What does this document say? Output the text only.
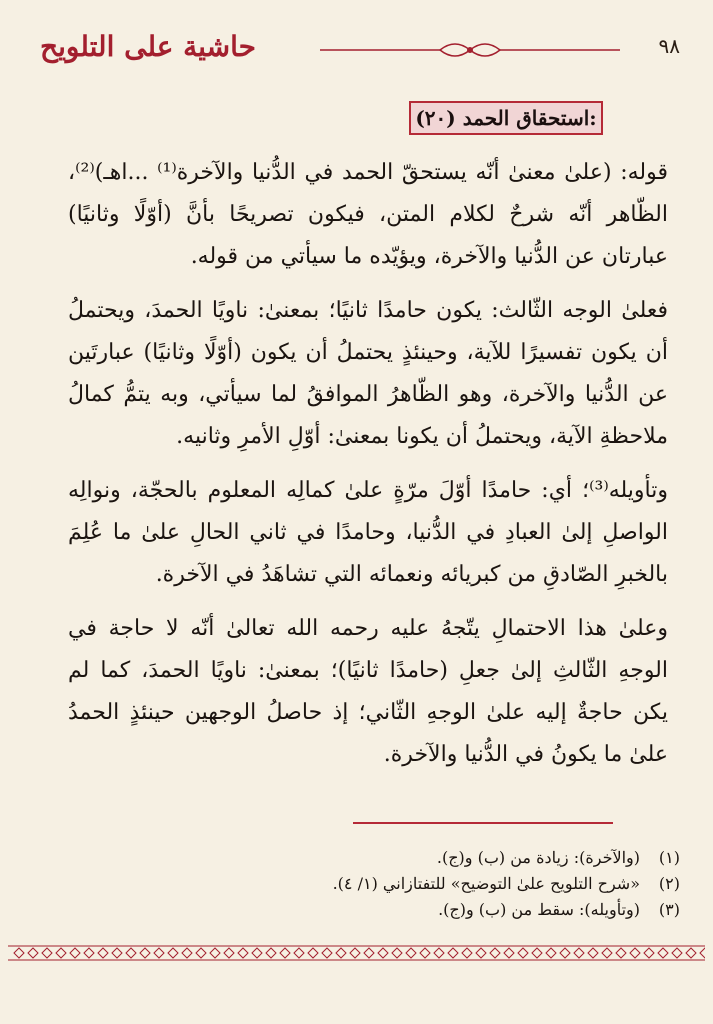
حاشية على التلويح	٩٨
(٢٠) استحقاق الحمد:

قوله: (علىٰ معنىٰ أنّه يستحقّ الحمد في الدُّنيا والآخرة⁽¹⁾ ...اهـ)⁽²⁾، الظّاهر أنّه شرحٌ لكلام المتن، فيكون تصريحًا بأنَّ (أوّلًا وثانيًا) عبارتان عن الدُّنيا والآخرة، ويؤيّده ما سيأتي من قوله.

فعلىٰ الوجه الثّالث: يكون حامدًا ثانيًا؛ بمعنىٰ: ناويًا الحمدَ، ويحتملُ أن يكون تفسيرًا للآية، وحينئذٍ يحتملُ أن يكون (أوّلًا وثانيًا) عبارتَين عن الدُّنيا والآخرة، وهو الظّاهرُ الموافقُ لما سيأتي، وبه يتمُّ كمالُ ملاحظةِ الآية، ويحتملُ أن يكونا بمعنىٰ: أوّلِ الأمرِ وثانيه.

وتأويله⁽³⁾؛ أي: حامدًا أوّلَ مرّةٍ علىٰ كمالِه المعلوم بالحجّة، ونوالِه الواصلِ إلىٰ العبادِ في الدُّنيا، وحامدًا في ثاني الحالِ علىٰ ما عُلِمَ بالخبرِ الصّادقِ من كبريائه ونعمائه التي تشاهَدُ في الآخرة.

وعلىٰ هذا الاحتمالِ يتّجهُ عليه رحمه الله تعالىٰ أنّه لا حاجة في الوجهِ الثّالثِ إلىٰ جعلِ (حامدًا ثانيًا)؛ بمعنىٰ: ناويًا الحمدَ، كما لم يكن حاجةٌ إليه علىٰ الوجهِ الثّاني؛ إذ حاصلُ الوجهين حينئذٍ الحمدُ علىٰ ما يكونُ في الدُّنيا والآخرة.

(١)
(والآخرة): زيادة من (ب) و(ج).
(٢)
«شرح التلويح علىٰ التوضيح» للتفتازاني (١/ ٤).
(٣)
(وتأويله): سقط من (ب) و(ج).
